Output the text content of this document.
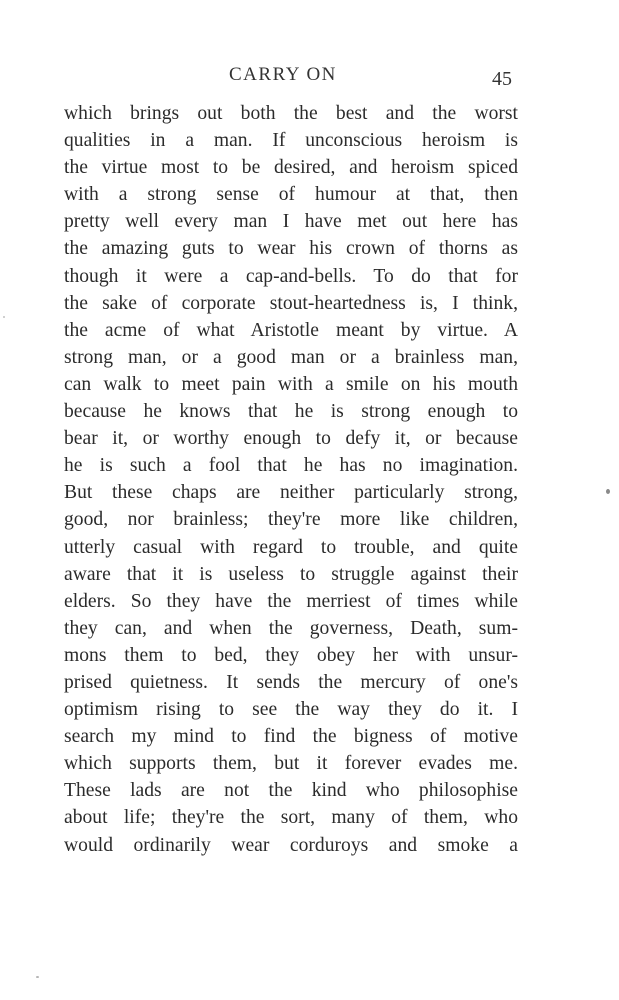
CARRY ON	45
which brings out both the best and the worst
qualities in a man. If unconscious heroism is
the virtue most to be desired, and heroism spiced
with a strong sense of humour at that, then
pretty well every man I have met out here has
the amazing guts to wear his crown of thorns as
though it were a cap-and-bells. To do that for
the sake of corporate stout-heartedness is, I think,
the acme of what Aristotle meant by virtue. A
strong man, or a good man or a brainless man,
can walk to meet pain with a smile on his mouth
because he knows that he is strong enough to
bear it, or worthy enough to defy it, or because
he is such a fool that he has no imagination.
But these chaps are neither particularly strong,
good, nor brainless; they're more like children,
utterly casual with regard to trouble, and quite
aware that it is useless to struggle against their
elders. So they have the merriest of times while
they can, and when the governess, Death, sum-
mons them to bed, they obey her with unsur-
prised quietness. It sends the mercury of one's
optimism rising to see the way they do it. I
search my mind to find the bigness of motive
which supports them, but it forever evades me.
These lads are not the kind who philosophise
about life; they're the sort, many of them, who
would ordinarily wear corduroys and smoke a
